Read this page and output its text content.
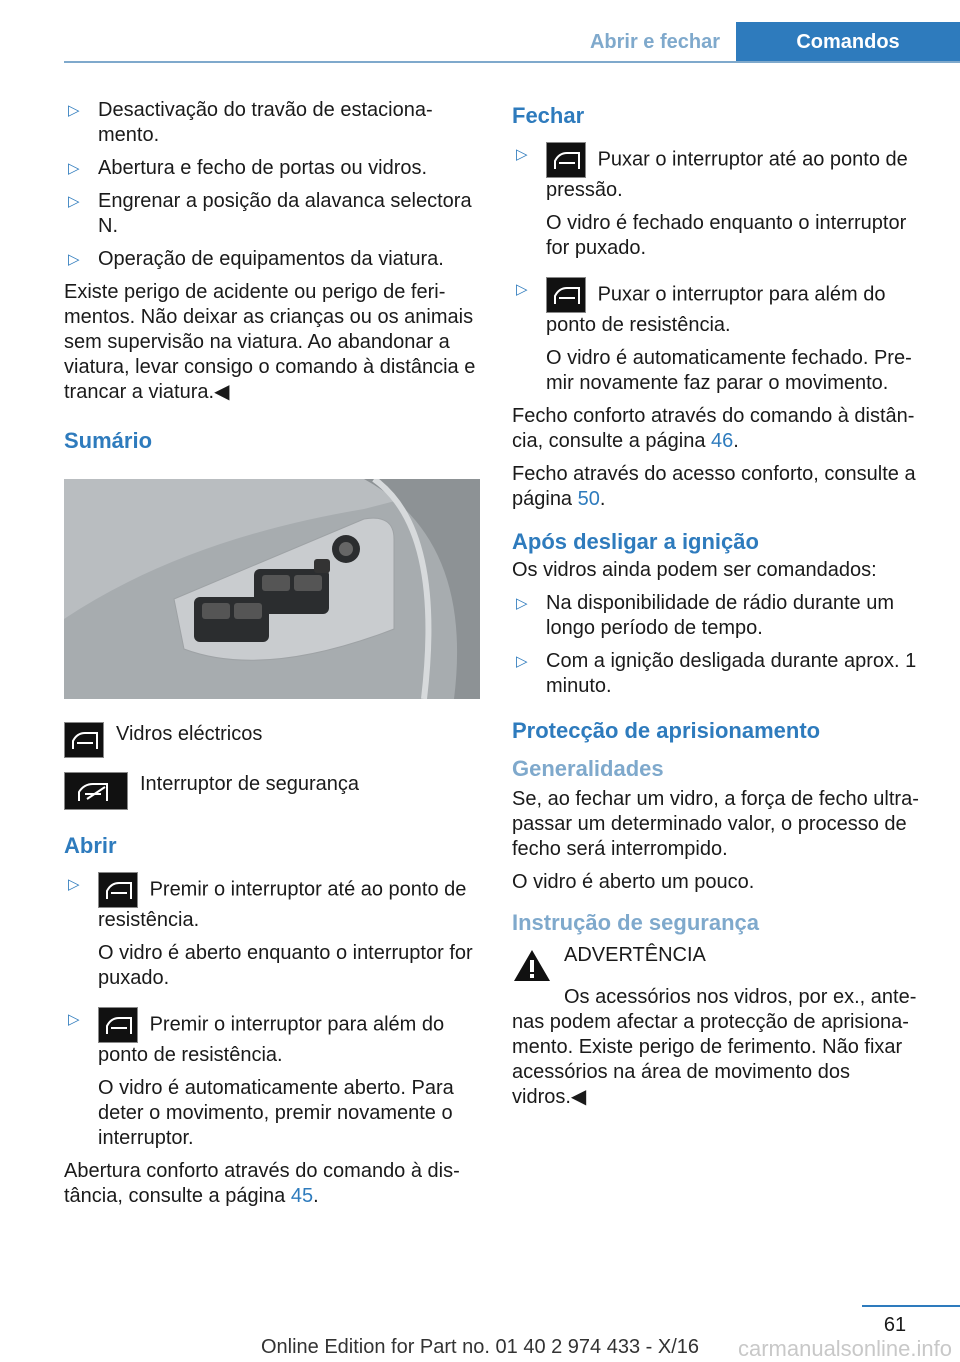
Abrir e fechar	Comandos
▷ Desactivação do travão de estacionamento.
▷ Abertura e fecho de portas ou vidros.
▷ Engrenar a posição da alavanca selectora N.
▷ Operação de equipamentos da viatura.

Existe perigo de acidente ou perigo de ferimentos. Não deixar as crianças ou os animais sem supervisão na viatura. Ao abandonar a viatura, levar consigo o comando à distância e trancar a viatura.◀

Sumário
Vidros eléctricos
Interruptor de segurança
Abrir
▷	Premir o interruptor até ao ponto de resistência.
O vidro é aberto enquanto o interruptor for puxado.
▷	Premir o interruptor para além do ponto de resistência.
O vidro é automaticamente aberto. Para deter o movimento, premir novamente o interruptor.

Abertura conforto através do comando à distância, consulte a página 45.

Fechar
▷	Puxar o interruptor até ao ponto de pressão.
O vidro é fechado enquanto o interruptor for puxado.
▷	Puxar o interruptor para além do ponto de resistência.
O vidro é automaticamente fechado. Premir novamente faz parar o movimento.

Fecho conforto através do comando à distância, consulte a página 46.

Fecho através do acesso conforto, consulte a página 50.

Após desligar a ignição

Os vidros ainda podem ser comandados:

▷ Na disponibilidade de rádio durante um longo período de tempo.
▷ Com a ignição desligada durante aprox. 1 minuto.
Protecção de aprisionamento
Generalidades

Se, ao fechar um vidro, a força de fecho ultrapassar um determinado valor, o processo de fecho será interrompido.

O vidro é aberto um pouco.

Instrução de segurança
ADVERTÊNCIA

Os acessórios nos vidros, por ex., antenas podem afectar a protecção de aprisionamento. Existe perigo de ferimento. Não fixar acessórios na área de movimento dos vidros.◀

61
Online Edition for Part no. 01 40 2 974 433 - X/16	carmanualsonline.info
